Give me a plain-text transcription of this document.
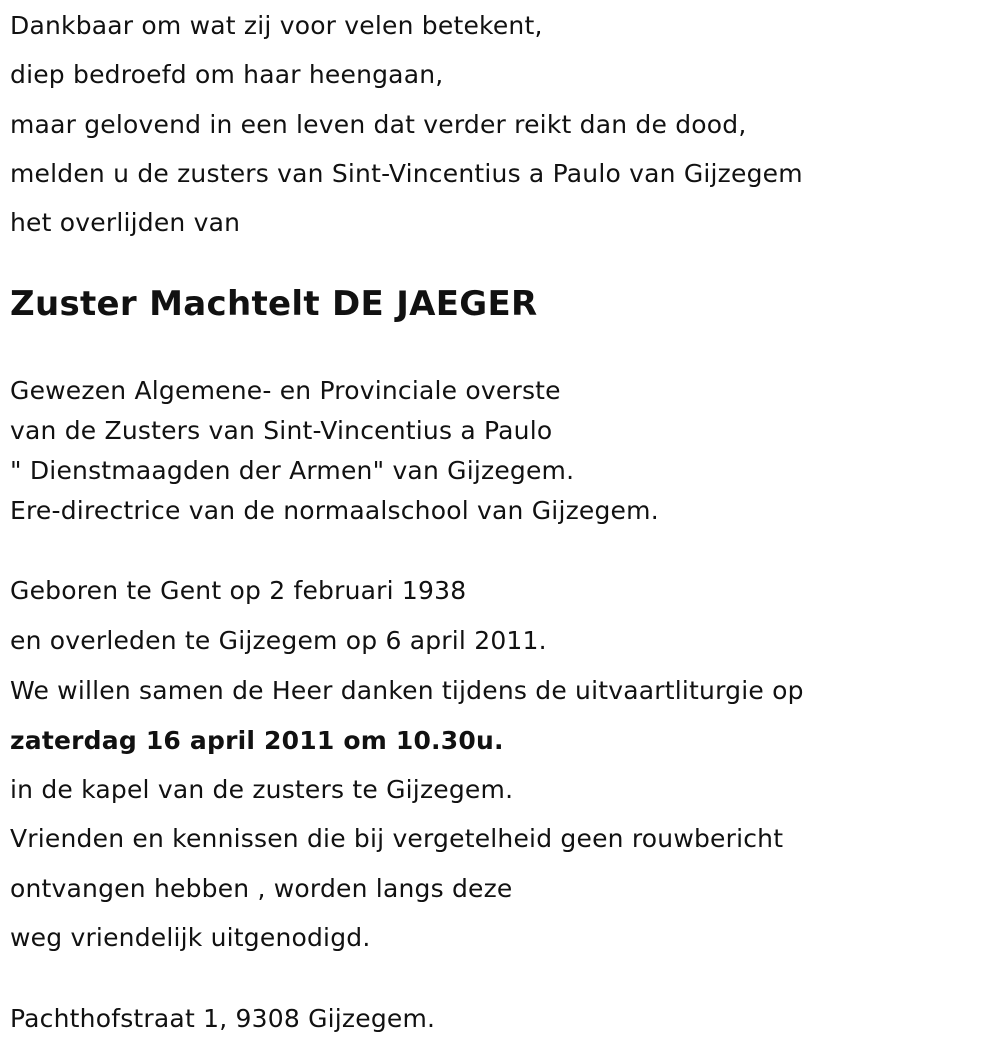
Dankbaar om wat zij voor velen betekent,
diep bedroefd om haar heengaan,
maar gelovend in een leven dat verder reikt dan de dood,
melden u de zusters van Sint-Vincentius a Paulo van Gijzegem
het overlijden van
Zuster Machtelt DE JAEGER
Gewezen Algemene- en Provinciale overste
van de Zusters van Sint-Vincentius a Paulo
" Dienstmaagden der Armen" van Gijzegem.
Ere-directrice van de normaalschool van Gijzegem.
Geboren te Gent op 2 februari 1938
en overleden te Gijzegem op 6 april 2011.
We willen samen de Heer danken tijdens de uitvaartliturgie op
zaterdag 16 april 2011 om 10.30u.
in de kapel van de zusters te Gijzegem.
Vrienden en kennissen die bij vergetelheid geen rouwbericht
ontvangen hebben , worden langs deze
weg vriendelijk uitgenodigd.
Pachthofstraat 1, 9308 Gijzegem.
